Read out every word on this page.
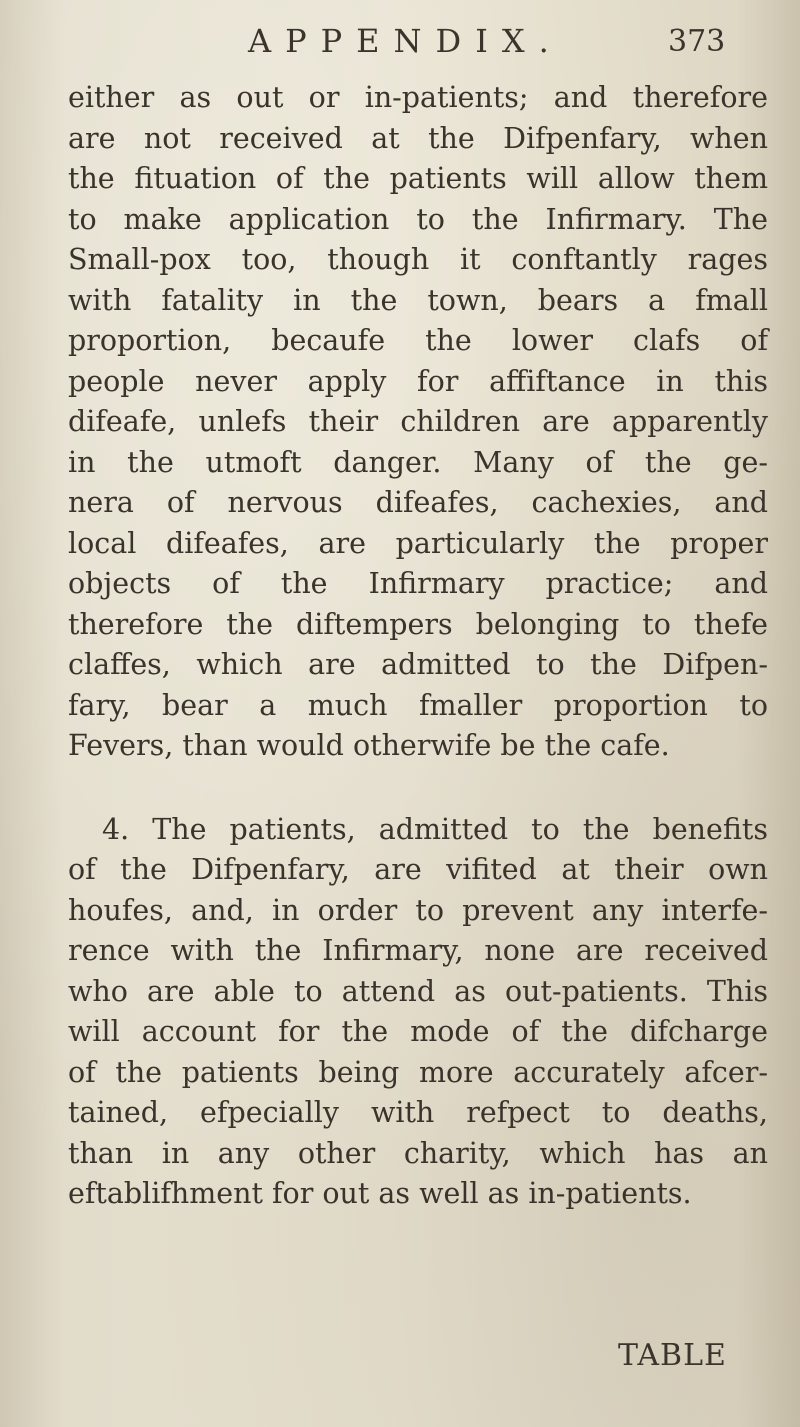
APPENDIX.	373
either as out or in-patients; and therefore
are not received at the Difpenfary, when
the fituation of the patients will allow them
to make application to the Infirmary. The
Small-pox too, though it conftantly rages
with fatality in the town, bears a fmall
proportion, becaufe the lower clafs of
people never apply for affiftance in this
difeafe, unlefs their children are apparently
in the utmoft danger. Many of the ge-
nera of nervous difeafes, cachexies, and
local difeafes, are particularly the proper
objects of the Infirmary practice; and
therefore the diftempers belonging to thefe
claffes, which are admitted to the Difpen-
fary, bear a much fmaller proportion to
Fevers, than would otherwife be the cafe.
4. The patients, admitted to the benefits
of the Difpenfary, are vifited at their own
houfes, and, in order to prevent any interfe-
rence with the Infirmary, none are received
who are able to attend as out-patients. This
will account for the mode of the difcharge
of the patients being more accurately afcer-
tained, efpecially with refpect to deaths,
than in any other charity, which has an
eftablifhment for out as well as in-patients.
TABLE
